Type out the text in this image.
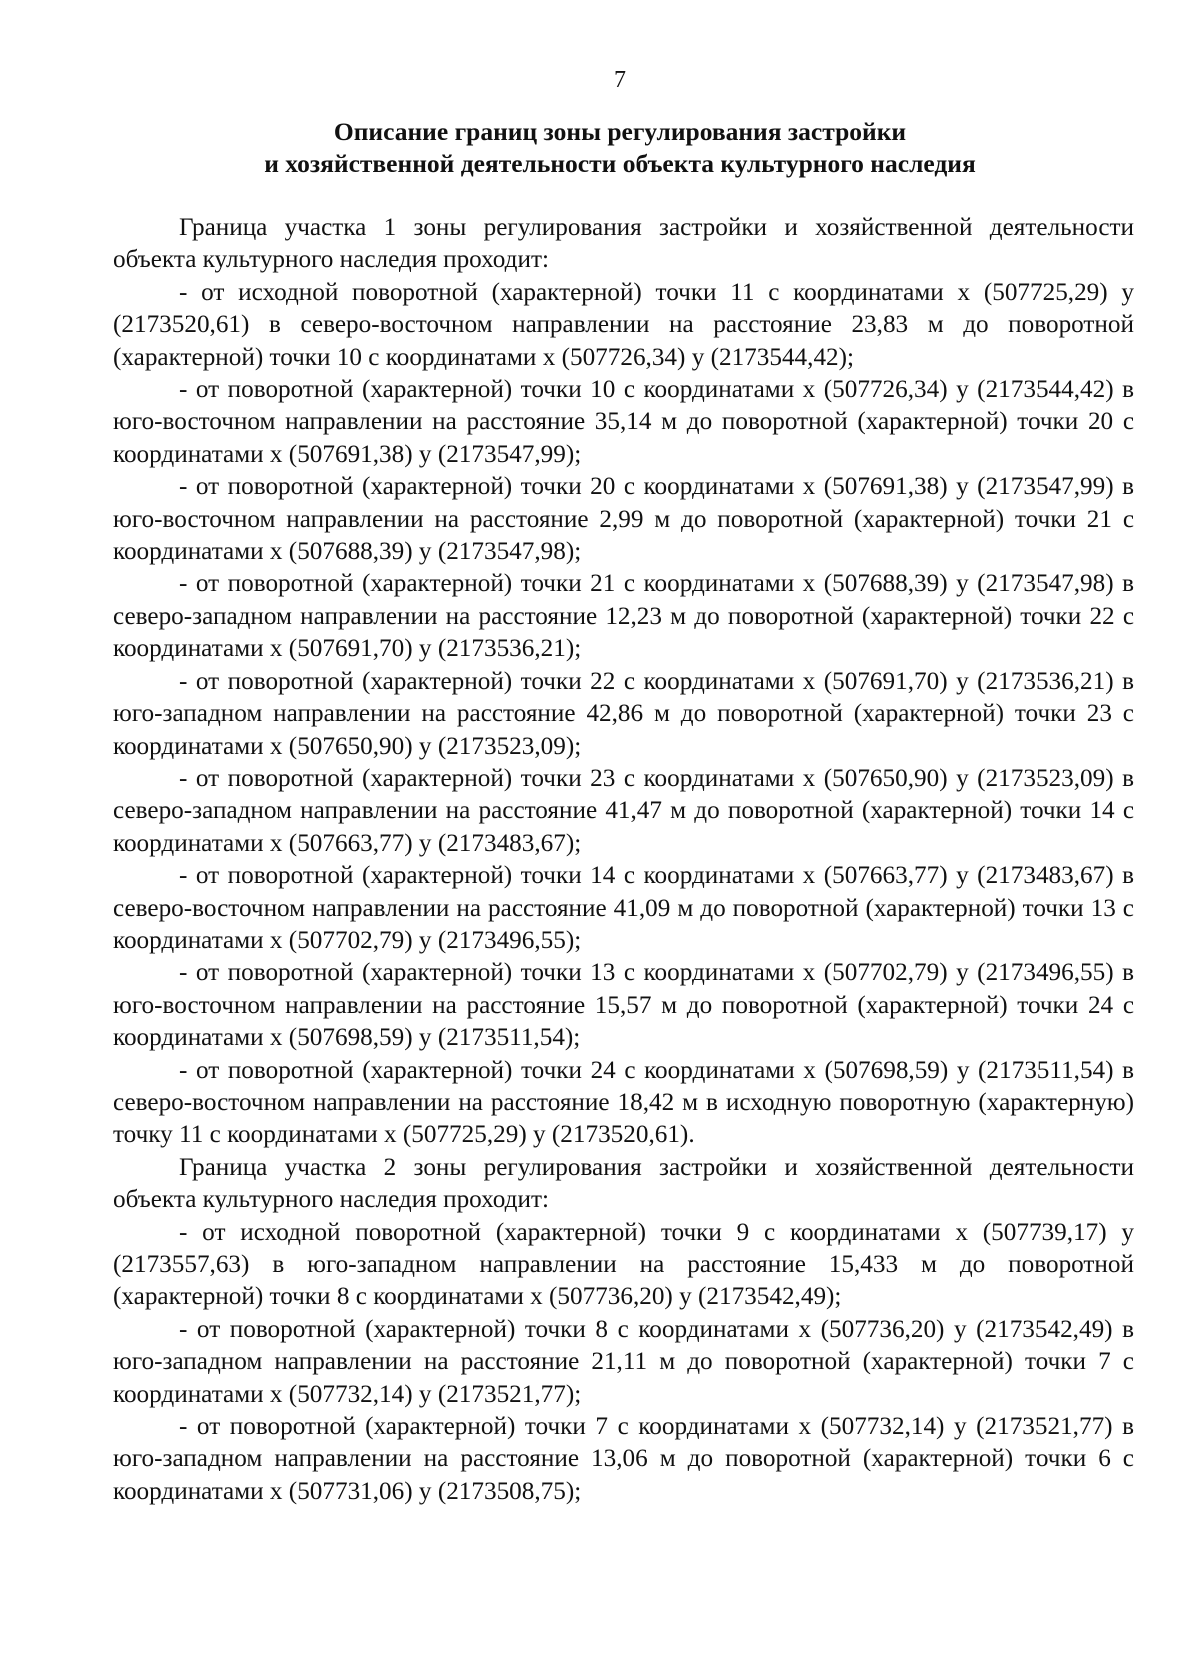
7
Описание границ зоны регулирования застройки
и хозяйственной деятельности объекта культурного наследия

Граница участка 1 зоны регулирования застройки и хозяйственной деятельности объекта культурного наследия проходит:

- от исходной поворотной (характерной) точки 11 с координатами х (507725,29) у (2173520,61) в северо-восточном направлении на расстояние 23,83 м до поворотной (характерной) точки 10 с координатами х (507726,34) у (2173544,42);

- от поворотной (характерной) точки 10 с координатами х (507726,34) у (2173544,42) в юго-восточном направлении на расстояние 35,14 м до поворотной (характерной) точки 20 с координатами х (507691,38) у (2173547,99);

- от поворотной (характерной) точки 20 с координатами х (507691,38) у (2173547,99) в юго-восточном направлении на расстояние 2,99 м до поворотной (характерной) точки 21 с координатами х (507688,39) у (2173547,98);

- от поворотной (характерной) точки 21 с координатами х (507688,39) у (2173547,98) в северо-западном направлении на расстояние 12,23 м до поворотной (характерной) точки 22 с координатами х (507691,70) у (2173536,21);

- от поворотной (характерной) точки 22 с координатами х (507691,70) у (2173536,21) в юго-западном направлении на расстояние 42,86 м до поворотной (характерной) точки 23 с координатами х (507650,90) у (2173523,09);

- от поворотной (характерной) точки 23 с координатами х (507650,90) у (2173523,09) в северо-западном направлении на расстояние 41,47 м до поворотной (характерной) точки 14 с координатами х (507663,77) у (2173483,67);

- от поворотной (характерной) точки 14 с координатами х (507663,77) у (2173483,67) в северо-восточном направлении на расстояние 41,09 м до поворотной (характерной) точки 13 с координатами х (507702,79) у (2173496,55);

- от поворотной (характерной) точки 13 с координатами х (507702,79) у (2173496,55) в юго-восточном направлении на расстояние 15,57 м до поворотной (характерной) точки 24 с координатами х (507698,59) у (2173511,54);

- от поворотной (характерной) точки 24 с координатами х (507698,59) у (2173511,54) в северо-восточном направлении на расстояние 18,42 м в исходную поворотную (характерную) точку 11 с координатами х (507725,29) у (2173520,61).

Граница участка 2 зоны регулирования застройки и хозяйственной деятельности объекта культурного наследия проходит:

- от исходной поворотной (характерной) точки 9 с координатами х (507739,17) у (2173557,63) в юго-западном направлении на расстояние 15,433 м до поворотной (характерной) точки 8 с координатами х (507736,20) у (2173542,49);

- от поворотной (характерной) точки 8 с координатами х (507736,20) у (2173542,49) в юго-западном направлении на расстояние 21,11 м до поворотной (характерной) точки 7 с координатами х (507732,14) у (2173521,77);

- от поворотной (характерной) точки 7 с координатами х (507732,14) у (2173521,77) в юго-западном направлении на расстояние 13,06 м до поворотной (характерной) точки 6 с координатами х (507731,06) у (2173508,75);
